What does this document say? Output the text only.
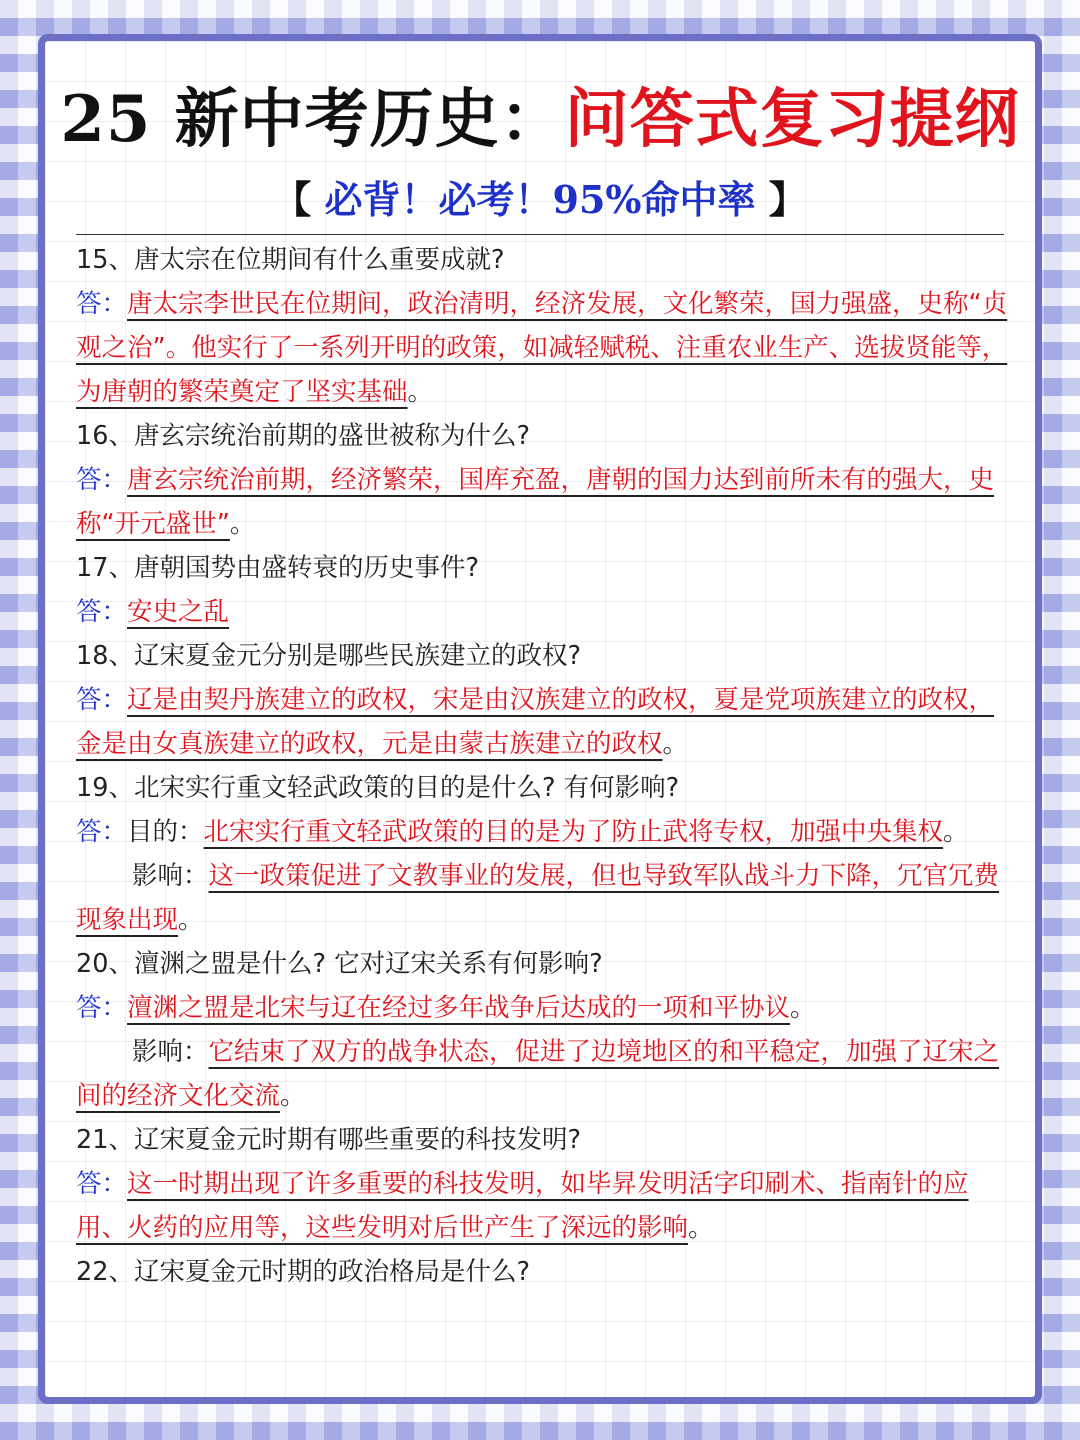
25 新中考历史：问答式复习提纲
【 必背！必考！95%命中率 】
15、唐太宗在位期间有什么重要成就?
答：唐太宗李世民在位期间，政治清明，经济发展，文化繁荣，国力强盛，史称“贞观之治”。他实行了一系列开明的政策，如减轻赋税、注重农业生产、选拔贤能等，为唐朝的繁荣奠定了坚实基础。
16、唐玄宗统治前期的盛世被称为什么?
答：唐玄宗统治前期，经济繁荣，国库充盈，唐朝的国力达到前所未有的强大，史称“开元盛世”。
17、唐朝国势由盛转衰的历史事件?
答：安史之乱
18、辽宋夏金元分别是哪些民族建立的政权?
答：辽是由契丹族建立的政权，宋是由汉族建立的政权，夏是党项族建立的政权，金是由女真族建立的政权，元是由蒙古族建立的政权。
19、北宋实行重文轻武政策的目的是什么? 有何影响?
答：目的：北宋实行重文轻武政策的目的是为了防止武将专权，加强中央集权。
影响：这一政策促进了文教事业的发展，但也导致军队战斗力下降，冗官冗费现象出现。
20、澶渊之盟是什么? 它对辽宋关系有何影响?
答：澶渊之盟是北宋与辽在经过多年战争后达成的一项和平协议。
影响：它结束了双方的战争状态，促进了边境地区的和平稳定，加强了辽宋之间的经济文化交流。
21、辽宋夏金元时期有哪些重要的科技发明?
答：这一时期出现了许多重要的科技发明，如毕昇发明活字印刷术、指南针的应用、火药的应用等，这些发明对后世产生了深远的影响。
22、辽宋夏金元时期的政治格局是什么?
